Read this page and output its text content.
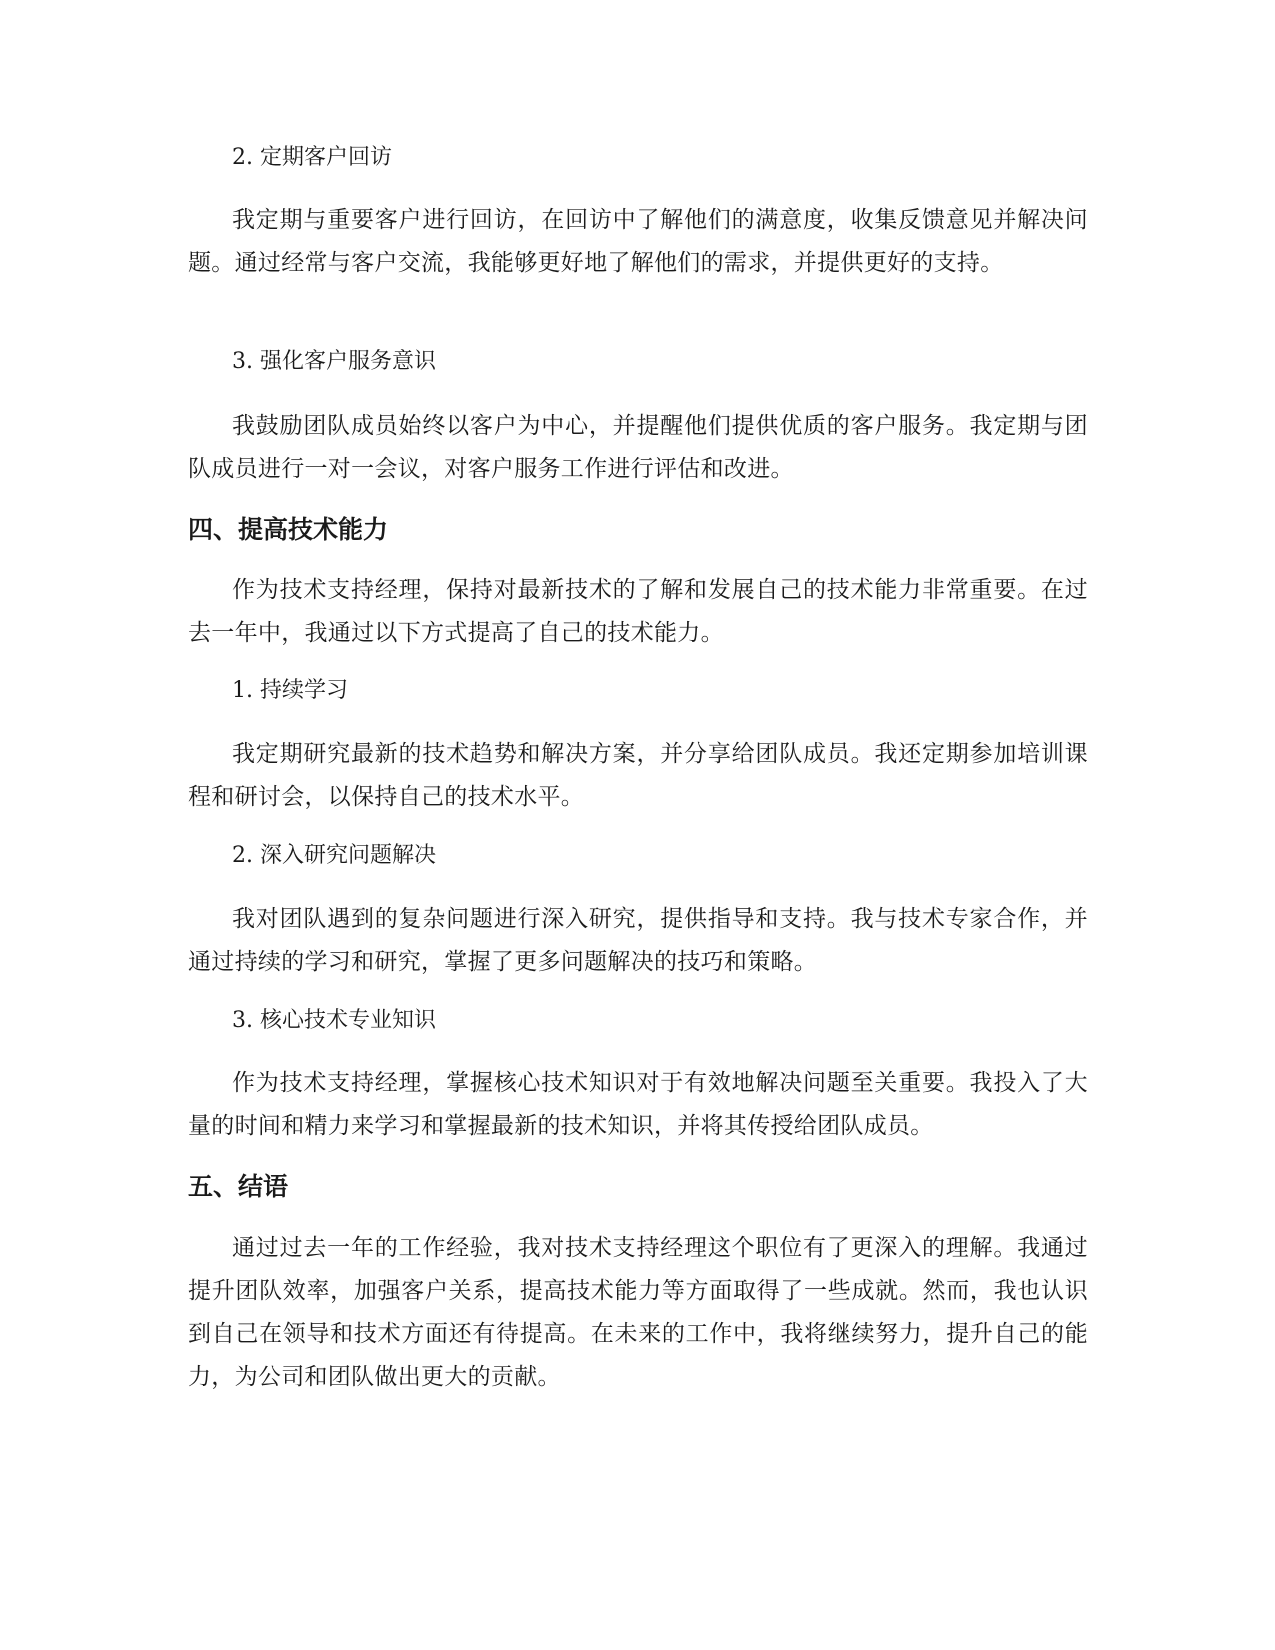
2. 定期客户回访

我定期与重要客户进行回访，在回访中了解他们的满意度，收集反馈意见并解决问题。通过经常与客户交流，我能够更好地了解他们的需求，并提供更好的支持。

3. 强化客户服务意识

我鼓励团队成员始终以客户为中心，并提醒他们提供优质的客户服务。我定期与团队成员进行一对一会议，对客户服务工作进行评估和改进。

四、提高技术能力

作为技术支持经理，保持对最新技术的了解和发展自己的技术能力非常重要。在过去一年中，我通过以下方式提高了自己的技术能力。

1. 持续学习

我定期研究最新的技术趋势和解决方案，并分享给团队成员。我还定期参加培训课程和研讨会，以保持自己的技术水平。

2. 深入研究问题解决

我对团队遇到的复杂问题进行深入研究，提供指导和支持。我与技术专家合作，并通过持续的学习和研究，掌握了更多问题解决的技巧和策略。

3. 核心技术专业知识

作为技术支持经理，掌握核心技术知识对于有效地解决问题至关重要。我投入了大量的时间和精力来学习和掌握最新的技术知识，并将其传授给团队成员。

五、结语

通过过去一年的工作经验，我对技术支持经理这个职位有了更深入的理解。我通过提升团队效率，加强客户关系，提高技术能力等方面取得了一些成就。然而，我也认识到自己在领导和技术方面还有待提高。在未来的工作中，我将继续努力，提升自己的能力，为公司和团队做出更大的贡献。
